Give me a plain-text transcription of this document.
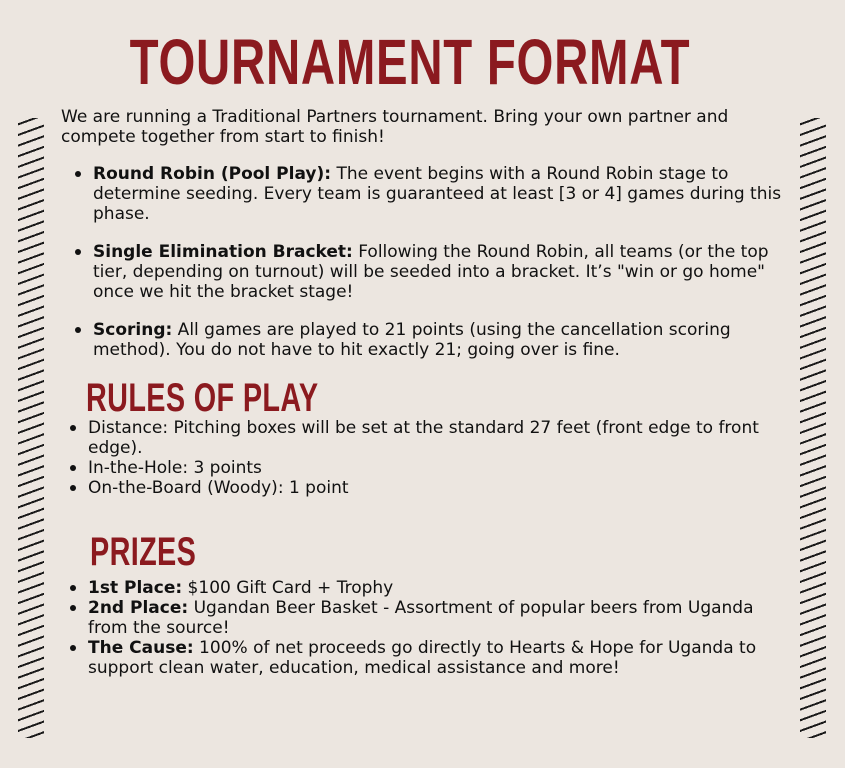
TOURNAMENT FORMAT

We are running a Traditional Partners tournament. Bring your own partner and compete together from start to finish!

Round Robin (Pool Play): The event begins with a Round Robin stage to determine seeding. Every team is guaranteed at least [3 or 4] games during this phase.
Single Elimination Bracket: Following the Round Robin, all teams (or the top tier, depending on turnout) will be seeded into a bracket. It’s "win or go home" once we hit the bracket stage!
Scoring: All games are played to 21 points (using the cancellation scoring method). You do not have to hit exactly 21; going over is fine.
RULES OF PLAY
Distance: Pitching boxes will be set at the standard 27 feet (front edge to front edge).
In-the-Hole: 3 points
On-the-Board (Woody): 1 point
PRIZES
1st Place: $100 Gift Card + Trophy
2nd Place: Ugandan Beer Basket - Assortment of popular beers from Uganda from the source!
The Cause: 100% of net proceeds go directly to Hearts & Hope for Uganda to support clean water, education, medical assistance and more!
